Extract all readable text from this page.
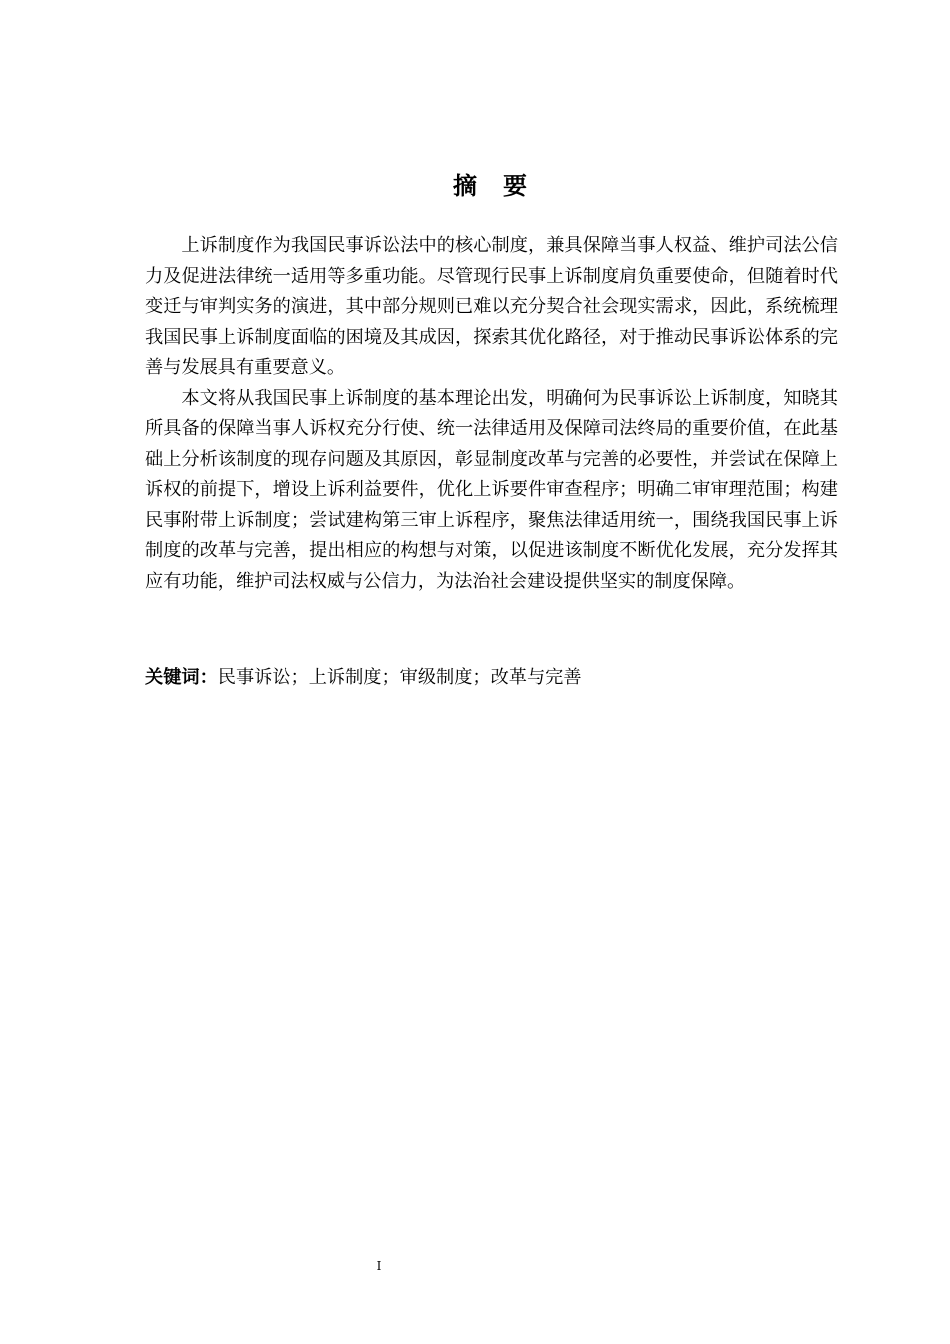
摘 要

上诉制度作为我国民事诉讼法中的核心制度，兼具保障当事人权益、维护司法公信力及促进法律统一适用等多重功能。尽管现行民事上诉制度肩负重要使命，但随着时代变迁与审判实务的演进，其中部分规则已难以充分契合社会现实需求，因此，系统梳理我国民事上诉制度面临的困境及其成因，探索其优化路径，对于推动民事诉讼体系的完善与发展具有重要意义。

本文将从我国民事上诉制度的基本理论出发，明确何为民事诉讼上诉制度，知晓其所具备的保障当事人诉权充分行使、统一法律适用及保障司法终局的重要价值，在此基础上分析该制度的现存问题及其原因，彰显制度改革与完善的必要性，并尝试在保障上诉权的前提下，增设上诉利益要件，优化上诉要件审查程序；明确二审审理范围；构建民事附带上诉制度；尝试建构第三审上诉程序，聚焦法律适用统一，围绕我国民事上诉制度的改革与完善，提出相应的构想与对策，以促进该制度不断优化发展，充分发挥其应有功能，维护司法权威与公信力，为法治社会建设提供坚实的制度保障。

关键词：民事诉讼；上诉制度；审级制度；改革与完善
I
